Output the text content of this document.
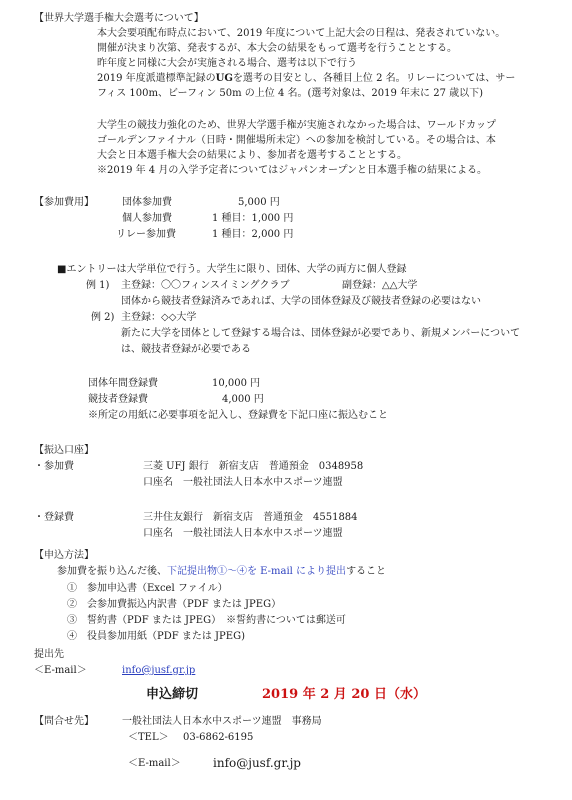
【世界大学選手権大会選考について】
本大会要項配布時点において、2019 年度について上記大会の日程は、発表されていない。
開催が決まり次第、発表するが、本大会の結果をもって選考を行うこととする。
昨年度と同様に大会が実施される場合、選考は以下で行う
2019 年度派遣標準記録のUGを選考の目安とし、各種目上位 2 名。リレーについては、サー
フィス 100m、ビーフィン 50m の上位 4 名。(選考対象は、2019 年末に 27 歳以下)
大学生の競技力強化のため、世界大学選手権が実施されなかった場合は、ワールドカップ
ゴールデンファイナル（日時・開催場所未定）への参加を検討している。その場合は、本
大会と日本選手権大会の結果により、参加者を選考することとする。
※2019 年 4 月の入学予定者についてはジャパンオープンと日本選手権の結果による。
【参加費用】	団体参加費	5,000 円
個人参加費	1 種目：1,000 円
リレー参加費	1 種目：2,000 円
■エントリーは大学単位で行う。大学生に限り、団体、大学の両方に個人登録
例 1) 主登録：〇〇フィンスイミングクラブ	副登録：△△大学
団体から競技者登録済みであれば、大学の団体登録及び競技者登録の必要はない
例 2) 主登録：◇◇大学
新たに大学を団体として登録する場合は、団体登録が必要であり、新規メンバーについて
は、競技者登録が必要である
団体年間登録費	10,000 円
競技者登録費	4,000 円
※所定の用紙に必要事項を記入し、登録費を下記口座に振込むこと
【振込口座】
・参加費	三菱 UFJ 銀行　新宿支店　普通預金　0348958
口座名　一般社団法人日本水中スポーツ連盟
・登録費	三井住友銀行　新宿支店　普通預金　4551884
口座名　一般社団法人日本水中スポーツ連盟
【申込方法】
参加費を振り込んだ後、下記提出物①～④を E-mail により提出すること
①　参加申込書（Excel ファイル）
②　会参加費振込内訳書（PDF または JPEG）
③　誓約書（PDF または JPEG）　※誓約書については郵送可
④　役員参加用紙（PDF または JPEG)
提出先
＜E-mail＞	info@jusf.gr.jp
申込締切	2019 年 2 月 20 日（水）
【問合せ先】	一般社団法人日本水中スポーツ連盟　事務局
＜TEL＞ 03-6862-6195
＜E-mail＞	info@jusf.gr.jp
